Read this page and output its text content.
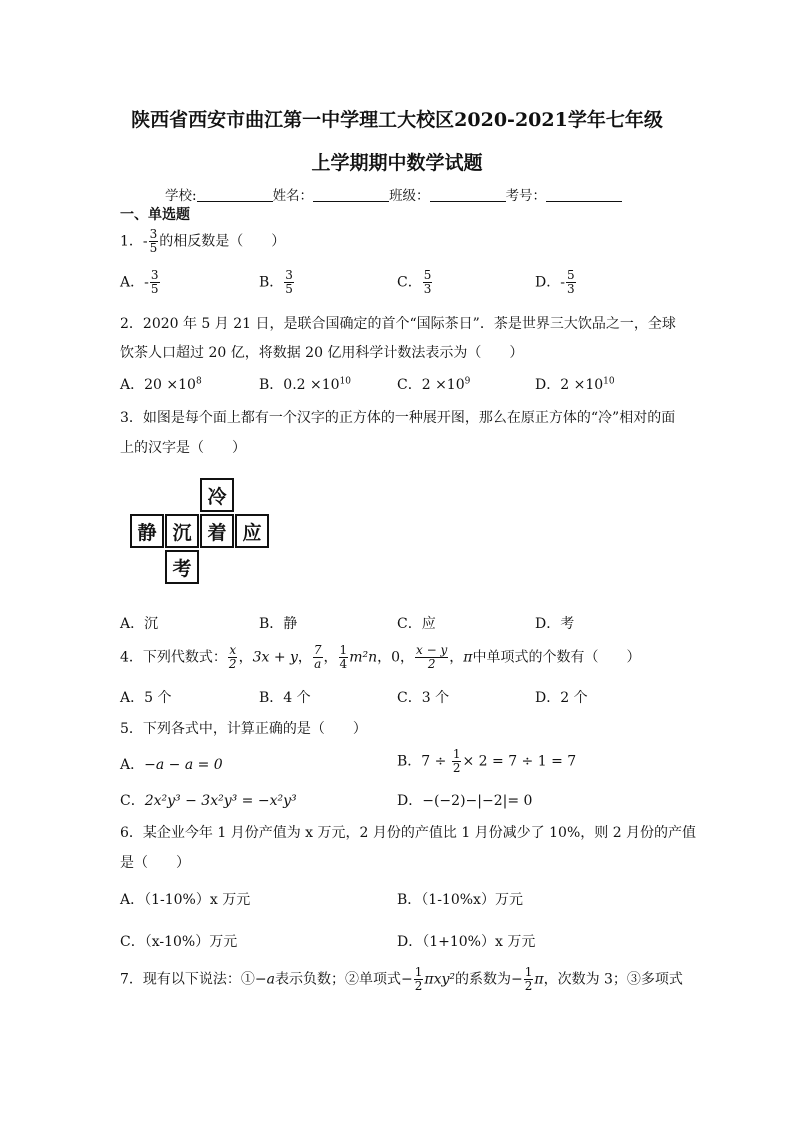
陕西省西安市曲江第一中学理工大校区2020-2021学年七年级
上学期期中数学试题
学校:	姓名：	班级：	考号：
一、单选题
1．- $\frac{3}{5}$ 的相反数是（　　）
A．- $\frac{3}{5}$	B． $\frac{3}{5}$	C． $\frac{5}{3}$	D．- $\frac{5}{3}$
2．2020 年 5 月 21 日，是联合国确定的首个“国际茶日”．茶是世界三大饮品之一，全球
饮茶人口超过 20 亿，将数据 20 亿用科学计数法表示为（　　）
A．$20 \times 10^8$	B．$0.2 \times 10^{10}$	C．$2 \times 10^9$	D．$2 \times 10^{10}$
3．如图是每个面上都有一个汉字的正方体的一种展开图，那么在原正方体的“冷”相对的面
上的汉字是（　　）
冷
静 沉 着 应
考
A．沉	B．静	C．应	D．考
4．下列代数式： $\frac{x}{2}$ ，3x + y， $\frac{7}{a}$ ， $\frac{1}{4} m^2n$，0， $\frac{x - y}{2}$ ，π中单项式的个数有（　　）
A．5 个	B．4 个	C．3 个	D．2 个
5．下列各式中，计算正确的是（　　）
A．−a − a = 0	B．$7 \div \frac{1}{2} \times 2 = 7 \div 1 = 7$
C．2x²y³ − 3x²y³ = −x²y³	D．−(−2)−|−2|= 0
6．某企业今年 1 月份产值为 x 万元，2 月份的产值比 1 月份减少了 10%，则 2 月份的产值
是（　　）
A．（1-10%）x 万元	B．（1-10%x）万元
C．（x-10%）万元	D．（1+10%）x 万元
7．现有以下说法：①−a表示负数；②单项式− $\frac{1}{2} \pi xy^2$的系数为− $\frac{1}{2}$ π，次数为 3；③多项式
